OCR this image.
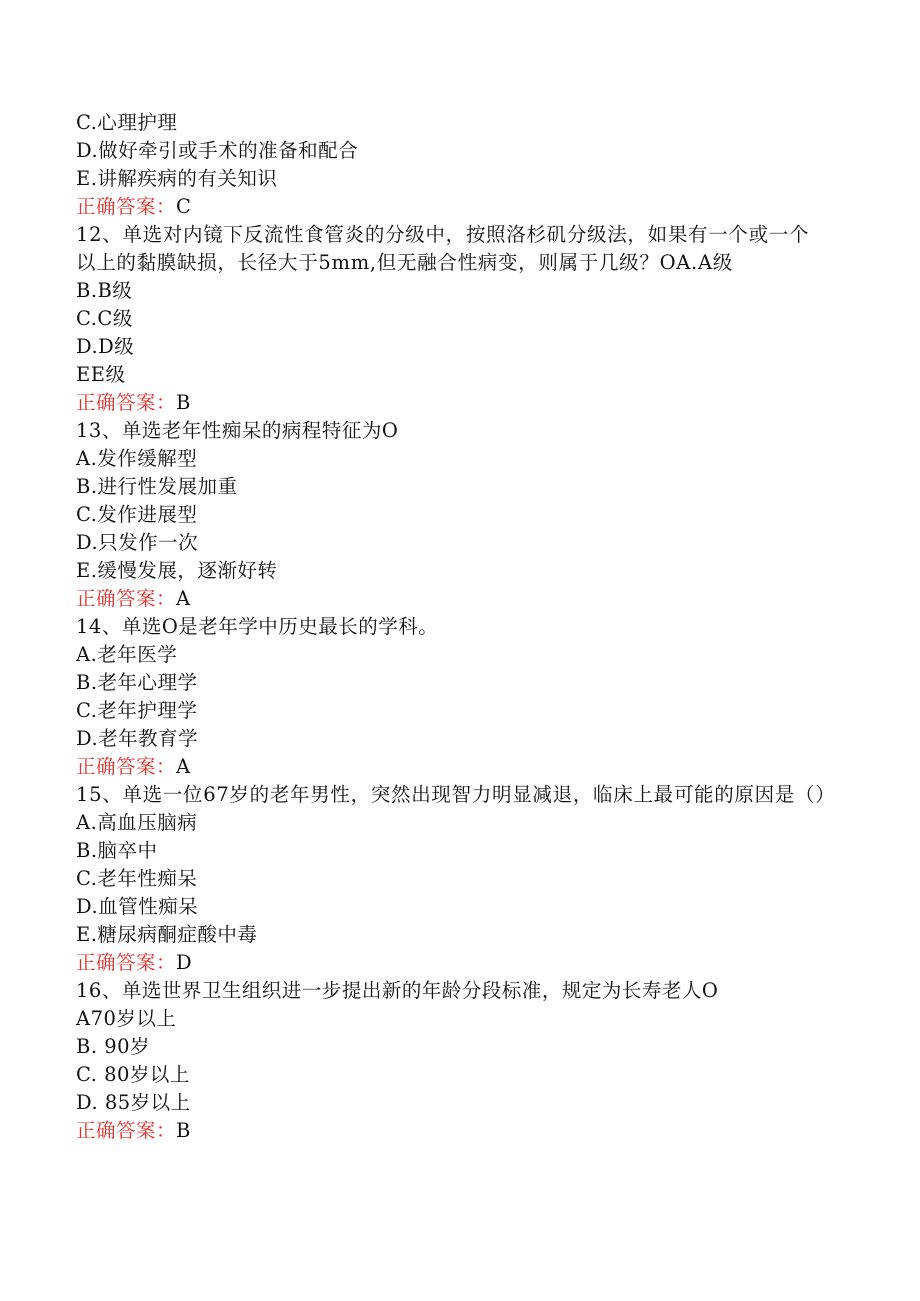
C.心理护理
D.做好牵引或手术的准备和配合
E.讲解疾病的有关知识
正确答案：C
12、单选对内镜下反流性食管炎的分级中，按照洛杉矶分级法，如果有一个或一个以上的黏膜缺损，长径大于5mm,但无融合性病变，则属于几级？OA.A级
B.B级
C.C级
D.D级
EE级
正确答案：B
13、单选老年性痴呆的病程特征为O
A.发作缓解型
B.进行性发展加重
C.发作进展型
D.只发作一次
E.缓慢发展，逐渐好转
正确答案：A
14、单选O是老年学中历史最长的学科。
A.老年医学
B.老年心理学
C.老年护理学
D.老年教育学
正确答案：A
15、单选一位67岁的老年男性，突然出现智力明显减退，临床上最可能的原因是（）
A.高血压脑病
B.脑卒中
C.老年性痴呆
D.血管性痴呆
E.糖尿病酮症酸中毒
正确答案：D
16、单选世界卫生组织进一步提出新的年龄分段标准，规定为长寿老人O
A70岁以上
B. 90岁
C. 80岁以上
D. 85岁以上
正确答案：B
